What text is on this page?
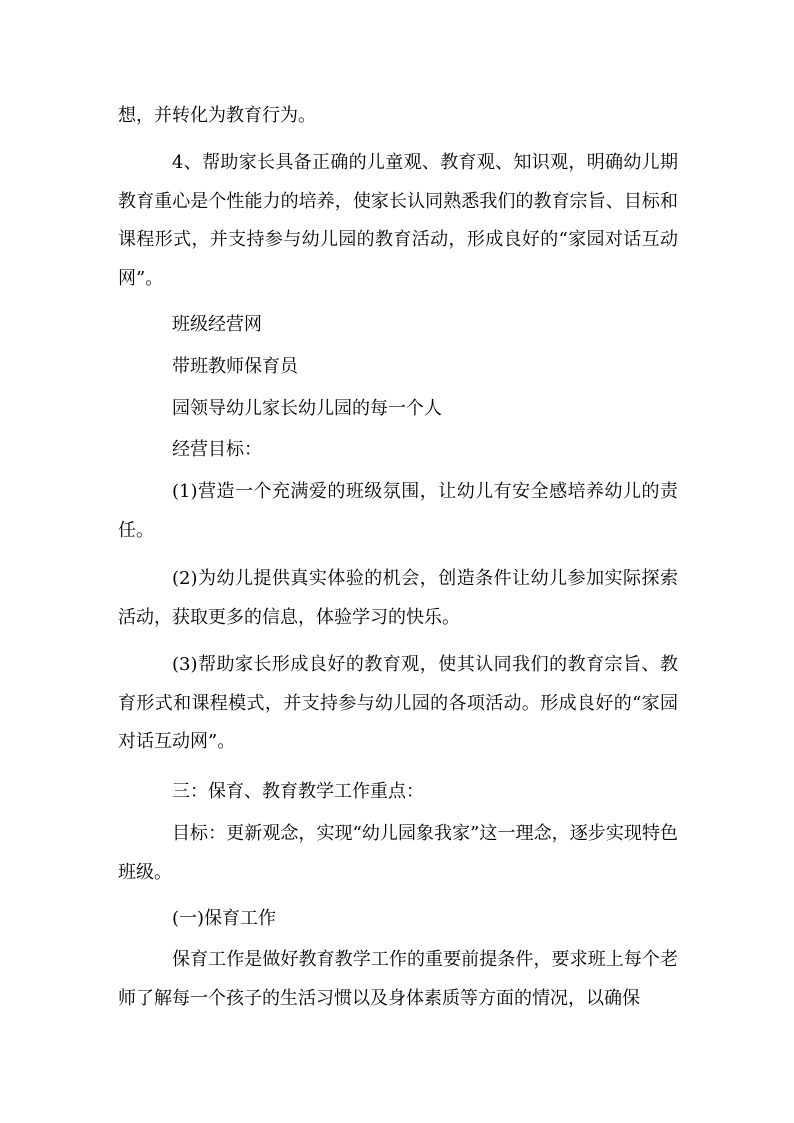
想，并转化为教育行为。

4、帮助家长具备正确的儿童观、教育观、知识观，明确幼儿期教育重心是个性能力的培养，使家长认同熟悉我们的教育宗旨、目标和课程形式，并支持参与幼儿园的教育活动，形成良好的“家园对话互动网”。

班级经营网

带班教师保育员

园领导幼儿家长幼儿园的每一个人

经营目标：

(1)营造一个充满爱的班级氛围，让幼儿有安全感培养幼儿的责任。

(2)为幼儿提供真实体验的机会，创造条件让幼儿参加实际探索活动，获取更多的信息，体验学习的快乐。

(3)帮助家长形成良好的教育观，使其认同我们的教育宗旨、教育形式和课程模式，并支持参与幼儿园的各项活动。形成良好的“家园对话互动网”。

三：保育、教育教学工作重点：

目标：更新观念，实现“幼儿园象我家”这一理念，逐步实现特色班级。

(一)保育工作

保育工作是做好教育教学工作的重要前提条件，要求班上每个老师了解每一个孩子的生活习惯以及身体素质等方面的情况，以确保
